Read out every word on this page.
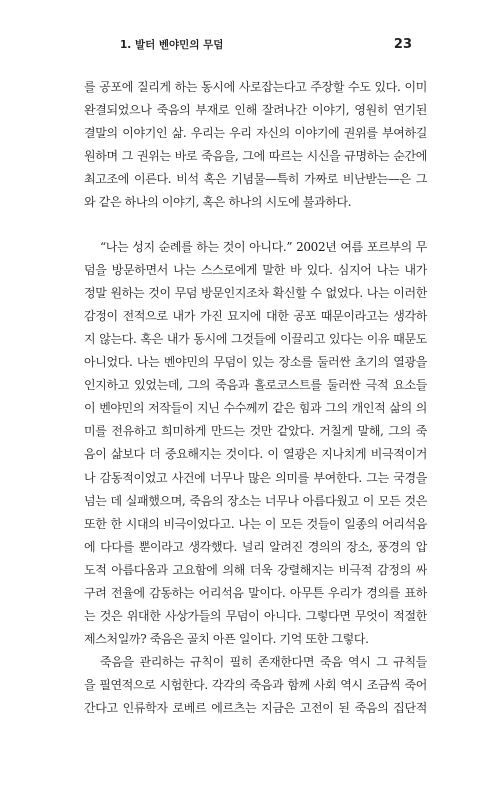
1. 발터 벤야민의 무덤	23
를 공포에 질리게 하는 동시에 사로잡는다고 주장할 수도 있다. 이미
완결되었으나 죽음의 부재로 인해 잘려나간 이야기, 영원히 연기된
결말의 이야기인 삶. 우리는 우리 자신의 이야기에 권위를 부여하길
원하며 그 권위는 바로 죽음을, 그에 따르는 시신을 규명하는 순간에
최고조에 이른다. 비석 혹은 기념물—특히 가짜로 비난받는—은 그
와 같은 하나의 이야기, 혹은 하나의 시도에 불과하다.
“나는 성지 순례를 하는 것이 아니다.” 2002년 여름 포르부의 무
덤을 방문하면서 나는 스스로에게 말한 바 있다. 심지어 나는 내가
정말 원하는 것이 무덤 방문인지조차 확신할 수 없었다. 나는 이러한
감정이 전적으로 내가 가진 묘지에 대한 공포 때문이라고는 생각하
지 않는다. 혹은 내가 동시에 그것들에 이끌리고 있다는 이유 때문도
아니었다. 나는 벤야민의 무덤이 있는 장소를 둘러싼 초기의 열광을
인지하고 있었는데, 그의 죽음과 홀로코스트를 둘러싼 극적 요소들
이 벤야민의 저작들이 지닌 수수께끼 같은 힘과 그의 개인적 삶의 의
미를 전유하고 희미하게 만드는 것만 같았다. 거칠게 말해, 그의 죽
음이 삶보다 더 중요해지는 것이다. 이 열광은 지나치게 비극적이거
나 감동적이었고 사건에 너무나 많은 의미를 부여한다. 그는 국경을
넘는 데 실패했으며, 죽음의 장소는 너무나 아름다웠고 이 모든 것은
또한 한 시대의 비극이었다고. 나는 이 모든 것들이 일종의 어리석음
에 다다를 뿐이라고 생각했다. 널리 알려진 경의의 장소, 풍경의 압
도적 아름다움과 고요함에 의해 더욱 강렬해지는 비극적 감정의 싸
구려 전율에 감동하는 어리석음 말이다. 아무튼 우리가 경의를 표하
는 것은 위대한 사상가들의 무덤이 아니다. 그렇다면 무엇이 적절한
제스처일까? 죽음은 골치 아픈 일이다. 기억 또한 그렇다.
죽음을 관리하는 규칙이 필히 존재한다면 죽음 역시 그 규칙들
을 필연적으로 시험한다. 각각의 죽음과 함께 사회 역시 조금씩 죽어
간다고 인류학자 로베르 에르츠는 지금은 고전이 된 죽음의 집단적
